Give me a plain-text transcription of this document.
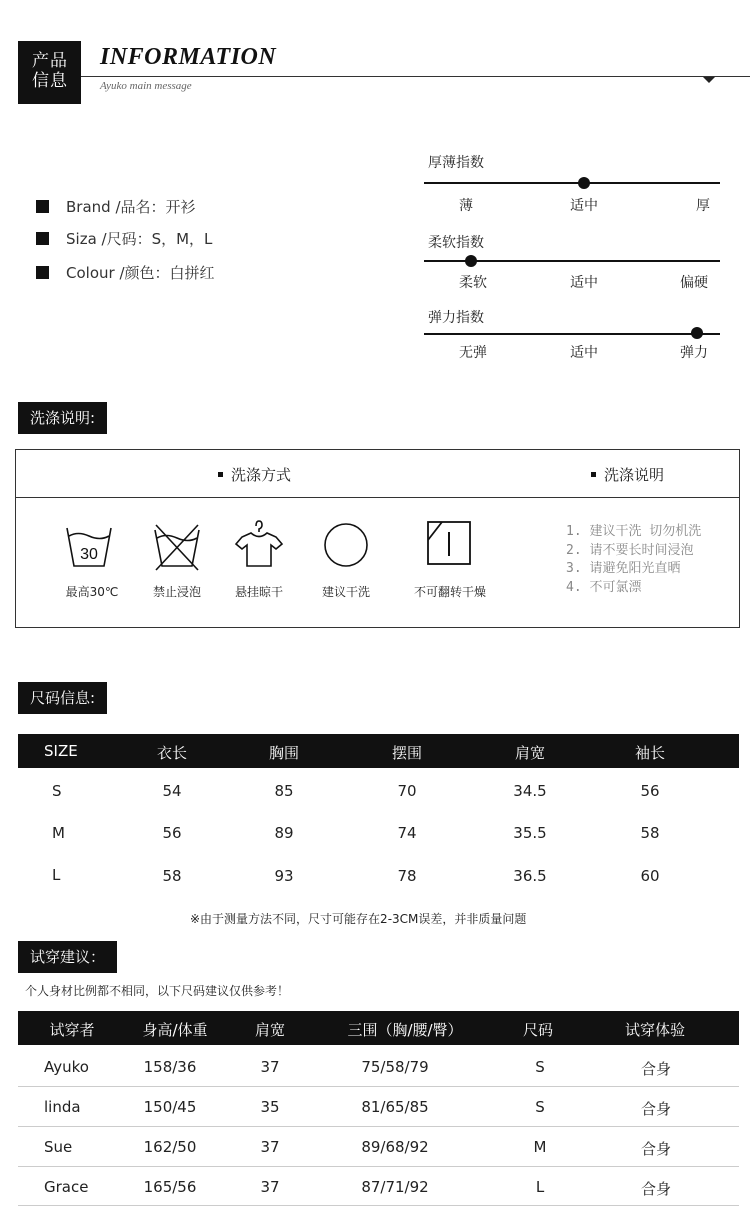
产品
信息
INFORMATION
Ayuko main message
Brand /品名：开衫
Siza /尺码：S，M，L
Colour /颜色：白拼红
厚薄指数
薄	适中	厚
柔软指数
柔软	适中	偏硬
弹力指数
无弹	适中	弹力
洗涤说明:
洗涤方式	洗涤说明
30
最高30℃	禁止浸泡	悬挂晾干	建议干洗	不可翻转干燥
1. 建议干洗 切勿机洗
2. 请不要长时间浸泡
3. 请避免阳光直晒
4. 不可氯漂
尺码信息:
SIZE	衣长	胸围	摆围	肩宽	袖长
S	54	85	70	34.5	56
M	56	89	74	35.5	58
L	58	93	78	36.5	60
※由于测量方法不同，尺寸可能存在2-3CM误差，并非质量问题
试穿建议：
个人身材比例都不相同，以下尺码建议仅供参考！
试穿者	身高/体重	肩宽	三围（胸/腰/臀）	尺码	试穿体验
Ayuko	158/36	37	75/58/79	S	合身
linda	150/45	35	81/65/85	S	合身
Sue	162/50	37	89/68/92	M	合身
Grace	165/56	37	87/71/92	L	合身
